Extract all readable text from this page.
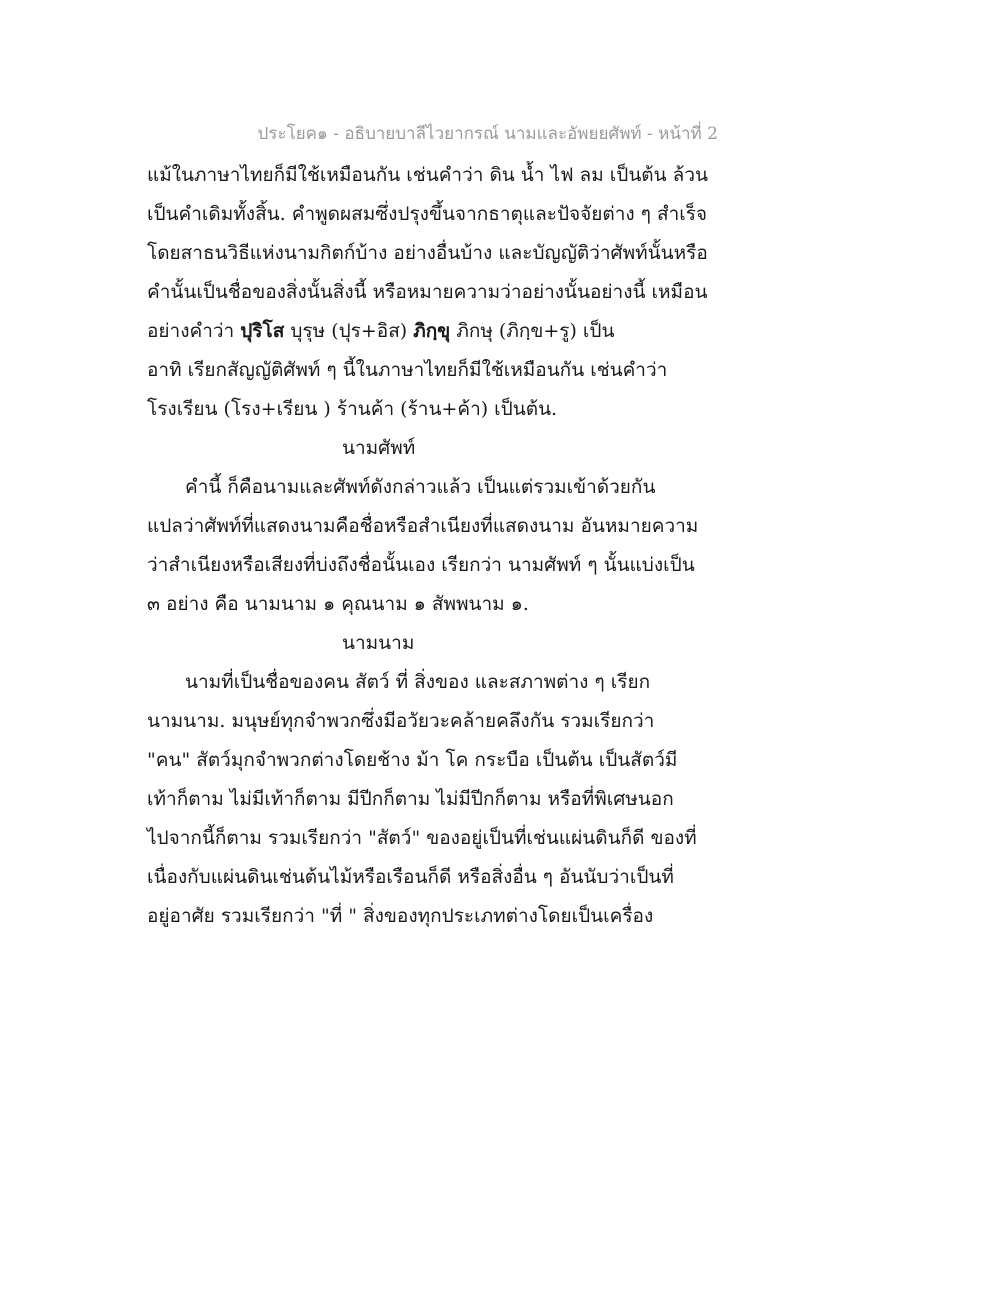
ประโยค๑ - อธิบายบาลีไวยากรณ์ นามและอัพยยศัพท์ - หน้าที่ 2
แม้ในภาษาไทยก็มีใช้เหมือนกัน เช่นคำว่า ดิน น้ำ ไฟ ลม เป็นต้น ล้วน
เป็นคำเดิมทั้งสิ้น. คำพูดผสมซึ่งปรุงขึ้นจากธาตุและปัจจัยต่าง ๆ สำเร็จ
โดยสาธนวิธีแห่งนามกิตก์บ้าง อย่างอื่นบ้าง และบัญญัติว่าศัพท์นั้นหรือ
คำนั้นเป็นชื่อของสิ่งนั้นสิ่งนี้ หรือหมายความว่าอย่างนั้นอย่างนี้ เหมือน
อย่างคำว่า ปุริโส บุรุษ (ปุร+อิส) ภิกฺขุ ภิกษุ (ภิกฺข+รู) เป็น
อาทิ เรียกสัญญัติศัพท์ ๆ นี้ในภาษาไทยก็มีใช้เหมือนกัน เช่นคำว่า
โรงเรียน (โรง+เรียน ) ร้านค้า (ร้าน+ค้า) เป็นต้น.
นามศัพท์
คำนี้ ก็คือนามและศัพท์ดังกล่าวแล้ว เป็นแต่รวมเข้าด้วยกัน
แปลว่าศัพท์ที่แสดงนามคือชื่อหรือสำเนียงที่แสดงนาม อันหมายความ
ว่าสำเนียงหรือเสียงที่บ่งถึงชื่อนั้นเอง เรียกว่า นามศัพท์ ๆ นั้นแบ่งเป็น
๓ อย่าง คือ นามนาม ๑ คุณนาม ๑ สัพพนาม ๑.
นามนาม
นามที่เป็นชื่อของคน สัตว์ ที่ สิ่งของ และสภาพต่าง ๆ เรียก
นามนาม. มนุษย์ทุกจำพวกซึ่งมีอวัยวะคล้ายคลึงกัน รวมเรียกว่า
"คน" สัตว์มุกจำพวกต่างโดยช้าง ม้า โค กระบือ เป็นต้น เป็นสัตว์มี
เท้าก็ตาม ไม่มีเท้าก็ตาม มีปีกก็ตาม ไม่มีปีกก็ตาม หรือที่พิเศษนอก
ไปจากนี้ก็ตาม รวมเรียกว่า "สัตว์" ของอยู่เป็นที่เช่นแผ่นดินก็ดี ของที่
เนื่องกับแผ่นดินเช่นต้นไม้หรือเรือนก็ดี หรือสิ่งอื่น ๆ อันนับว่าเป็นที่
อยู่อาศัย รวมเรียกว่า "ที่ " สิ่งของทุกประเภทต่างโดยเป็นเครื่อง
